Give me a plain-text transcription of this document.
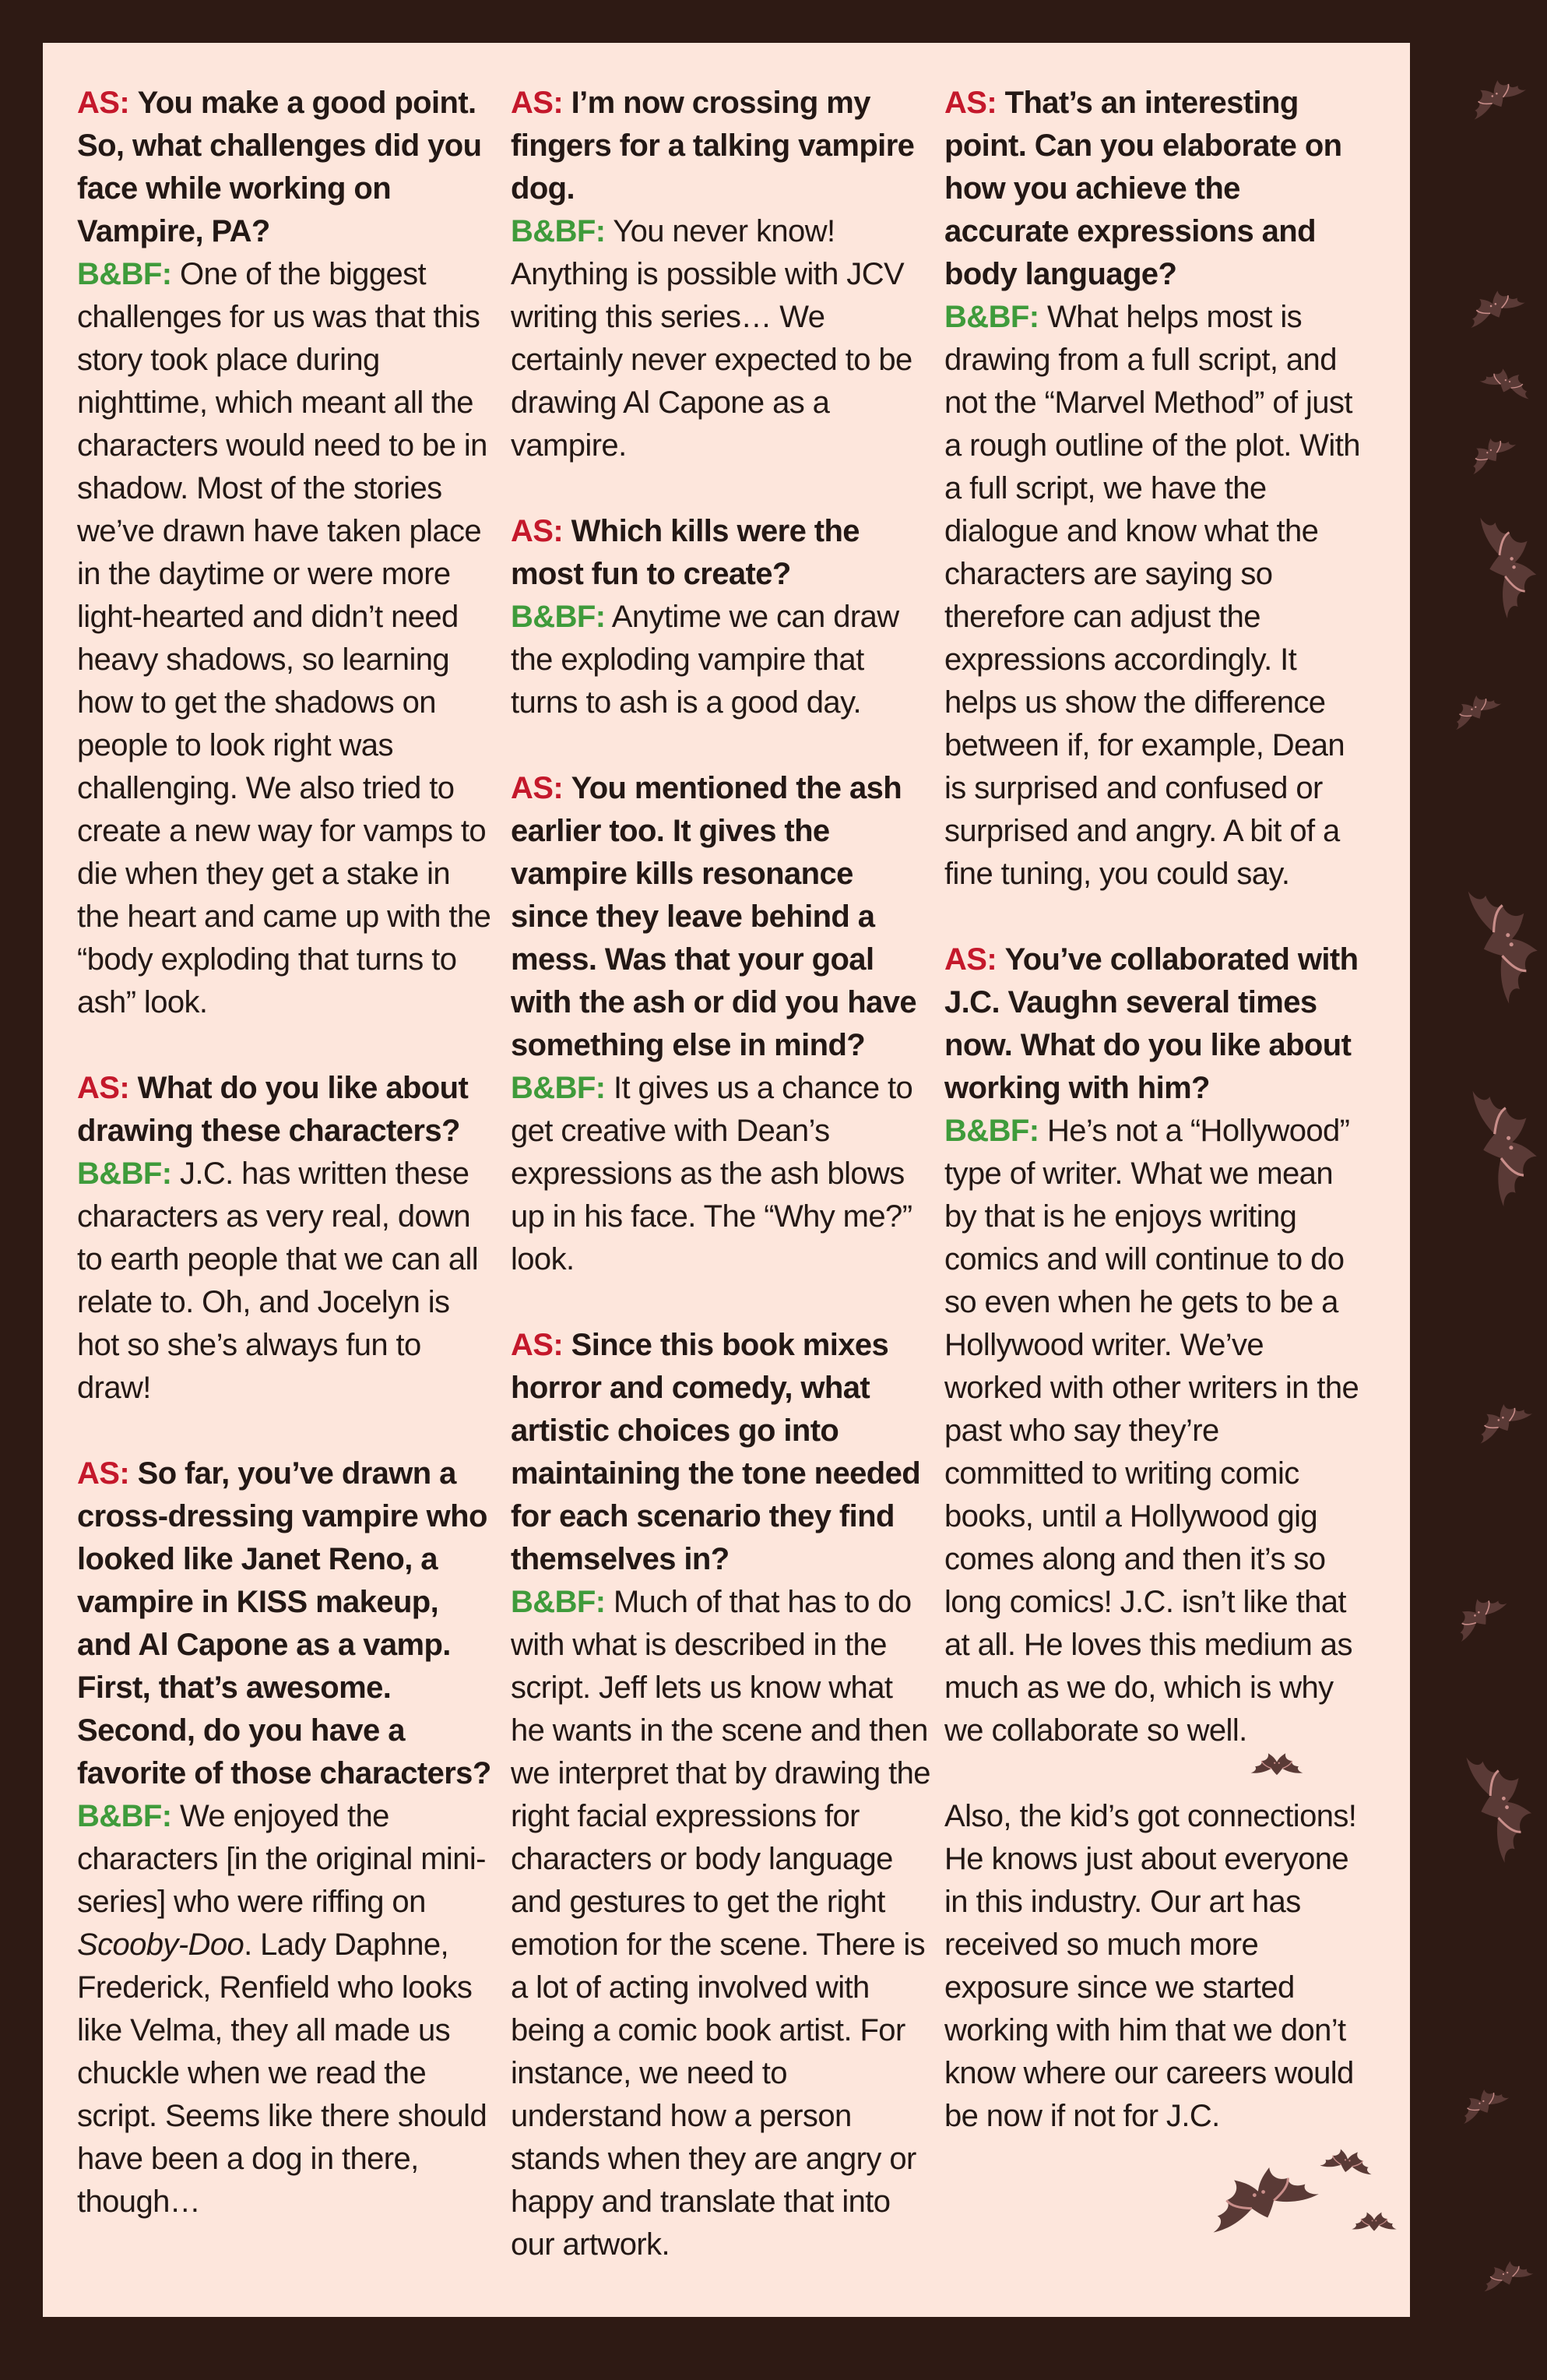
AS: You make a good point. So, what challenges did you face while working on Vampire, PA?
B&BF: One of the biggest challenges for us was that this story took place during nighttime, which meant all the characters would need to be in shadow. Most of the stories we’ve drawn have taken place in the daytime or were more light-hearted and didn’t need heavy shadows, so learning how to get the shadows on people to look right was challenging. We also tried to create a new way for vamps to die when they get a stake in the heart and came up with the “body exploding that turns to ash” look.

AS: What do you like about drawing these characters?
B&BF: J.C. has written these characters as very real, down to earth people that we can all relate to. Oh, and Jocelyn is hot so she’s always fun to draw!

AS: So far, you’ve drawn a cross-dressing vampire who looked like Janet Reno, a vampire in KISS makeup, and Al Capone as a vamp. First, that’s awesome. Second, do you have a favorite of those characters?
B&BF: We enjoyed the characters [in the original mini-series] who were riffing on Scooby-Doo. Lady Daphne, Frederick, Renfield who looks like Velma, they all made us chuckle when we read the script. Seems like there should have been a dog in there, though…

AS: I’m now crossing my fingers for a talking vampire dog.
B&BF: You never know! Anything is possible with JCV writing this series… We certainly never expected to be drawing Al Capone as a vampire.

AS: Which kills were the most fun to create?
B&BF: Anytime we can draw the exploding vampire that turns to ash is a good day.

AS: You mentioned the ash earlier too. It gives the vampire kills resonance since they leave behind a mess. Was that your goal with the ash or did you have something else in mind?
B&BF: It gives us a chance to get creative with Dean’s expressions as the ash blows up in his face. The “Why me?” look.

AS: Since this book mixes horror and comedy, what artistic choices go into maintaining the tone needed for each scenario they find themselves in?
B&BF: Much of that has to do with what is described in the script. Jeff lets us know what he wants in the scene and then we interpret that by drawing the right facial expressions for characters or body language and gestures to get the right emotion for the scene. There is a lot of acting involved with being a comic book artist. For instance, we need to understand how a person stands when they are angry or happy and translate that into our artwork.

AS: That’s an interesting point. Can you elaborate on how you achieve the accurate expressions and body language?
B&BF: What helps most is drawing from a full script, and not the “Marvel Method” of just a rough outline of the plot. With a full script, we have the dialogue and know what the characters are saying so therefore can adjust the expressions accordingly. It helps us show the difference between if, for example, Dean is surprised and confused or surprised and angry. A bit of a fine tuning, you could say.

AS: You’ve collaborated with J.C. Vaughn several times now. What do you like about working with him?
B&BF: He’s not a “Hollywood” type of writer. What we mean by that is he enjoys writing comics and will continue to do so even when he gets to be a Hollywood writer. We’ve worked with other writers in the past who say they’re committed to writing comic books, until a Hollywood gig comes along and then it’s so long comics! J.C. isn’t like that at all. He loves this medium as much as we do, which is why we collaborate so well.

Also, the kid’s got connections! He knows just about everyone in this industry. Our art has received so much more exposure since we started working with him that we don’t know where our careers would be now if not for J.C.
